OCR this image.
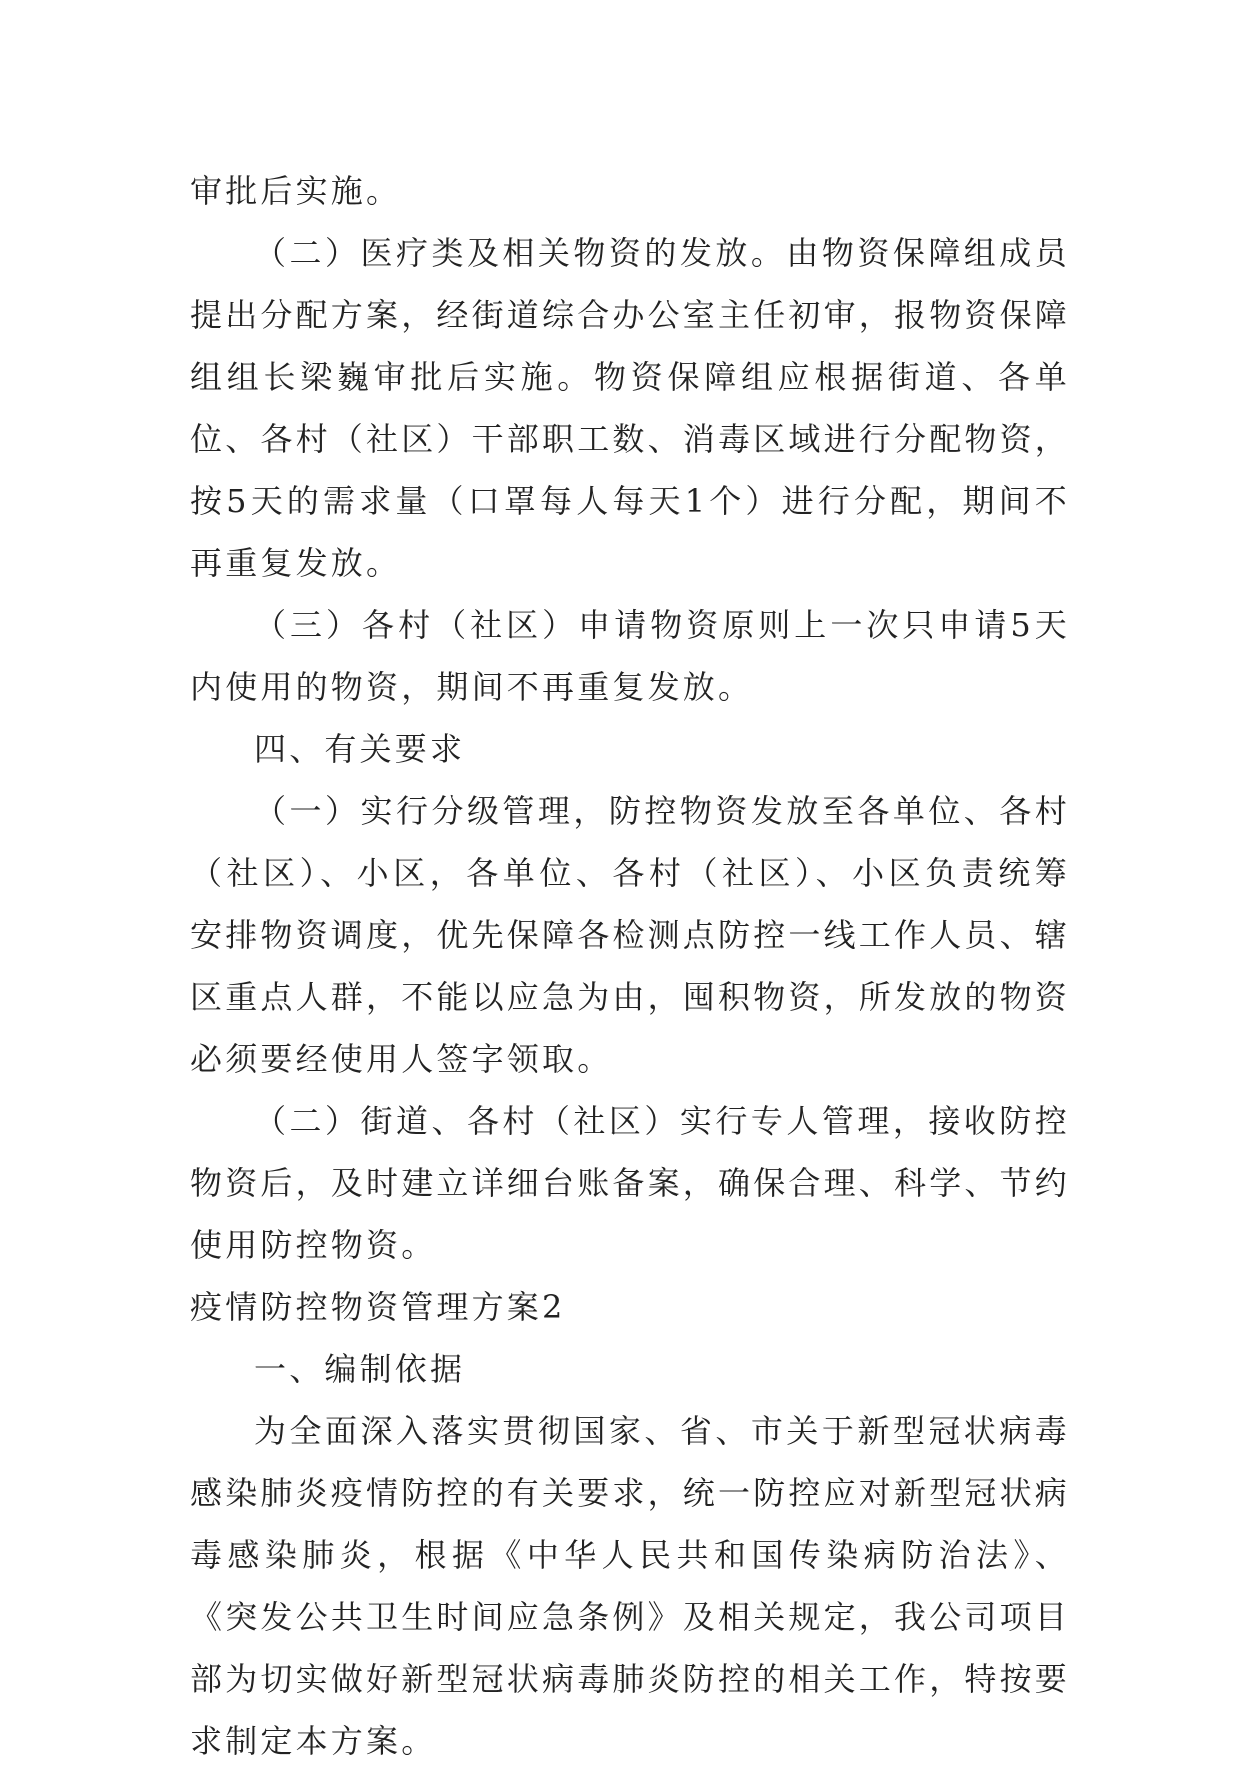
审批后实施。

（二）医疗类及相关物资的发放。由物资保障组成员提出分配方案，经街道综合办公室主任初审，报物资保障组组长梁巍审批后实施。物资保障组应根据街道、各单位、各村（社区）干部职工数、消毒区域进行分配物资，按5天的需求量（口罩每人每天1个）进行分配，期间不再重复发放。

（三）各村（社区）申请物资原则上一次只申请5天内使用的物资，期间不再重复发放。

四、有关要求

（一）实行分级管理，防控物资发放至各单位、各村（社区）、小区，各单位、各村（社区）、小区负责统筹安排物资调度，优先保障各检测点防控一线工作人员、辖区重点人群，不能以应急为由，囤积物资，所发放的物资必须要经使用人签字领取。

（二）街道、各村（社区）实行专人管理，接收防控物资后，及时建立详细台账备案，确保合理、科学、节约使用防控物资。

疫情防控物资管理方案2

一、编制依据

为全面深入落实贯彻国家、省、市关于新型冠状病毒感染肺炎疫情防控的有关要求，统一防控应对新型冠状病毒感染肺炎，根据《中华人民共和国传染病防治法》、《突发公共卫生时间应急条例》及相关规定，我公司项目部为切实做好新型冠状病毒肺炎防控的相关工作，特按要求制定本方案。
